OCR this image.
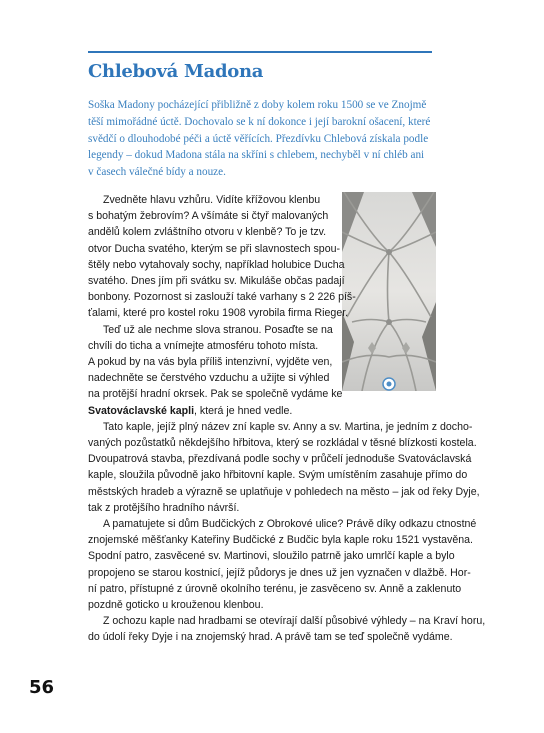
Chlebová Madona
Soška Madony pocházející přibližně z doby kolem roku 1500 se ve Znojmě
těší mimořádné úctě. Dochovalo se k ní dokonce i její barokní ošacení, které
svědčí o dlouhodobé péči a úctě věřících. Přezdívku Chlebová získala podle
legendy – dokud Madona stála na skříni s chlebem, nechyběl v ní chléb ani
v časech válečné bídy a nouze.
Zvedněte hlavu vzhůru. Vidíte křížovou klenbu
s bohatým žebrovím? A všímáte si čtyř malovaných
andělů kolem zvláštního otvoru v klenbě? To je tzv.
otvor Ducha svatého, kterým se při slavnostech spou-
štěly nebo vytahovaly sochy, například holubice Ducha
svatého. Dnes jím při svátku sv. Mikuláše občas padají
bonbony. Pozornost si zaslouží také varhany s 2 226 píš-
ťalami, které pro kostel roku 1908 vyrobila firma Rieger.
Teď už ale nechme slova stranou. Posaďte se na
chvíli do ticha a vnímejte atmosféru tohoto místa.
A pokud by na vás byla příliš intenzivní, vyjděte ven,
nadechněte se čerstvého vzduchu a užijte si výhled
na protější hradní okrsek. Pak se společně vydáme ke
Svatováclavské kapli, která je hned vedle.
Tato kaple, jejíž plný název zní kaple sv. Anny a sv. Martina, je jedním z docho-
vaných pozůstatků někdejšího hřbitova, který se rozkládal v těsné blízkosti kostela.
Dvoupatrová stavba, přezdívaná podle sochy v průčelí jednoduše Svatováclavská
kaple, sloužila původně jako hřbitovní kaple. Svým umístěním zasahuje přímo do
městských hradeb a výrazně se uplatňuje v pohledech na město – jak od řeky Dyje,
tak z protějšího hradního návrší.
A pamatujete si dům Budčických z Obrokové ulice? Právě díky odkazu ctnostné
znojemské měšťanky Kateřiny Budčické z Budčic byla kaple roku 1521 vystavěna.
Spodní patro, zasvěcené sv. Martinovi, sloužilo patrně jako umrlčí kaple a bylo
propojeno se starou kostnicí, jejíž půdorys je dnes už jen vyznačen v dlažbě. Hor-
ní patro, přístupné z úrovně okolního terénu, je zasvěceno sv. Anně a zaklenuto
pozdně goticko u krouženou klenbou.
Z ochozu kaple nad hradbami se otevírají další působivé výhledy – na Kraví horu,
do údolí řeky Dyje i na znojemský hrad. A právě tam se teď společně vydáme.

56
